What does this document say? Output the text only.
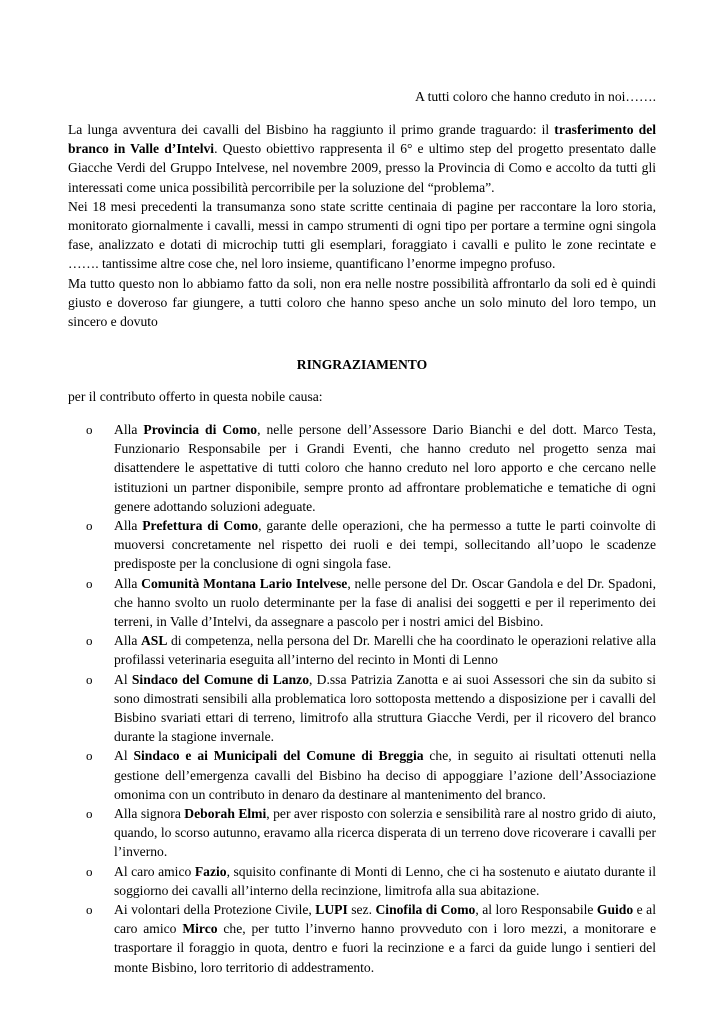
A tutti coloro che hanno creduto in noi…….

La lunga avventura dei cavalli del Bisbino ha raggiunto il primo grande traguardo: il trasferimento del branco in Valle d’Intelvi. Questo obiettivo rappresenta il 6° e ultimo step del progetto presentato dalle Giacche Verdi del Gruppo Intelvese, nel novembre 2009, presso la Provincia di Como e accolto da tutti gli interessati come unica possibilità percorribile per la soluzione del “problema”.

Nei 18 mesi precedenti la transumanza sono state scritte centinaia di pagine per raccontare la loro storia, monitorato giornalmente i cavalli, messi in campo strumenti di ogni tipo per portare a termine ogni singola fase, analizzato e dotati di microchip tutti gli esemplari, foraggiato i cavalli e pulito le zone recintate e ……. tantissime altre cose che, nel loro insieme, quantificano l’enorme impegno profuso.

Ma tutto questo non lo abbiamo fatto da soli, non era nelle nostre possibilità affrontarlo da soli ed è quindi giusto e doveroso far giungere, a tutti coloro che hanno speso anche un solo minuto del loro tempo, un sincero e dovuto

RINGRAZIAMENTO
per il contributo offerto in questa nobile causa:
o Alla Provincia di Como, nelle persone dell’Assessore Dario Bianchi e del dott. Marco Testa, Funzionario Responsabile per i Grandi Eventi, che hanno creduto nel progetto senza mai disattendere le aspettative di tutti coloro che hanno creduto nel loro apporto e che cercano nelle istituzioni un partner disponibile, sempre pronto ad affrontare problematiche e tematiche di ogni genere adottando soluzioni adeguate.
o Alla Prefettura di Como, garante delle operazioni, che ha permesso a tutte le parti coinvolte di muoversi concretamente nel rispetto dei ruoli e dei tempi, sollecitando all’uopo le scadenze predisposte per la conclusione di ogni singola fase.
o Alla Comunità Montana Lario Intelvese, nelle persone del Dr. Oscar Gandola e del Dr. Spadoni, che hanno svolto un ruolo determinante per la fase di analisi dei soggetti e per il reperimento dei terreni, in Valle d’Intelvi, da assegnare a pascolo per i nostri amici del Bisbino.
o Alla ASL di competenza, nella persona del Dr. Marelli che ha coordinato le operazioni relative alla profilassi veterinaria eseguita all’interno del recinto in Monti di Lenno
o Al Sindaco del Comune di Lanzo, D.ssa Patrizia Zanotta e ai suoi Assessori che sin da subito si sono dimostrati sensibili alla problematica loro sottoposta mettendo a disposizione per i cavalli del Bisbino svariati ettari di terreno, limitrofo alla struttura Giacche Verdi, per il ricovero del branco durante la stagione invernale.
o Al Sindaco e ai Municipali del Comune di Breggia che, in seguito ai risultati ottenuti nella gestione dell’emergenza cavalli del Bisbino ha deciso di appoggiare l’azione dell’Associazione omonima con un contributo in denaro da destinare al mantenimento del branco.
o Alla signora Deborah Elmi, per aver risposto con solerzia e sensibilità rare al nostro grido di aiuto, quando, lo scorso autunno, eravamo alla ricerca disperata di un terreno dove ricoverare i cavalli per l’inverno.
o Al caro amico Fazio, squisito confinante di Monti di Lenno, che ci ha sostenuto e aiutato durante il soggiorno dei cavalli all’interno della recinzione, limitrofa alla sua abitazione.
o Ai volontari della Protezione Civile, LUPI sez. Cinofila di Como, al loro Responsabile Guido e al caro amico Mirco che, per tutto l’inverno hanno provveduto con i loro mezzi, a monitorare e trasportare il foraggio in quota, dentro e fuori la recinzione e a farci da guide lungo i sentieri del monte Bisbino, loro territorio di addestramento.
